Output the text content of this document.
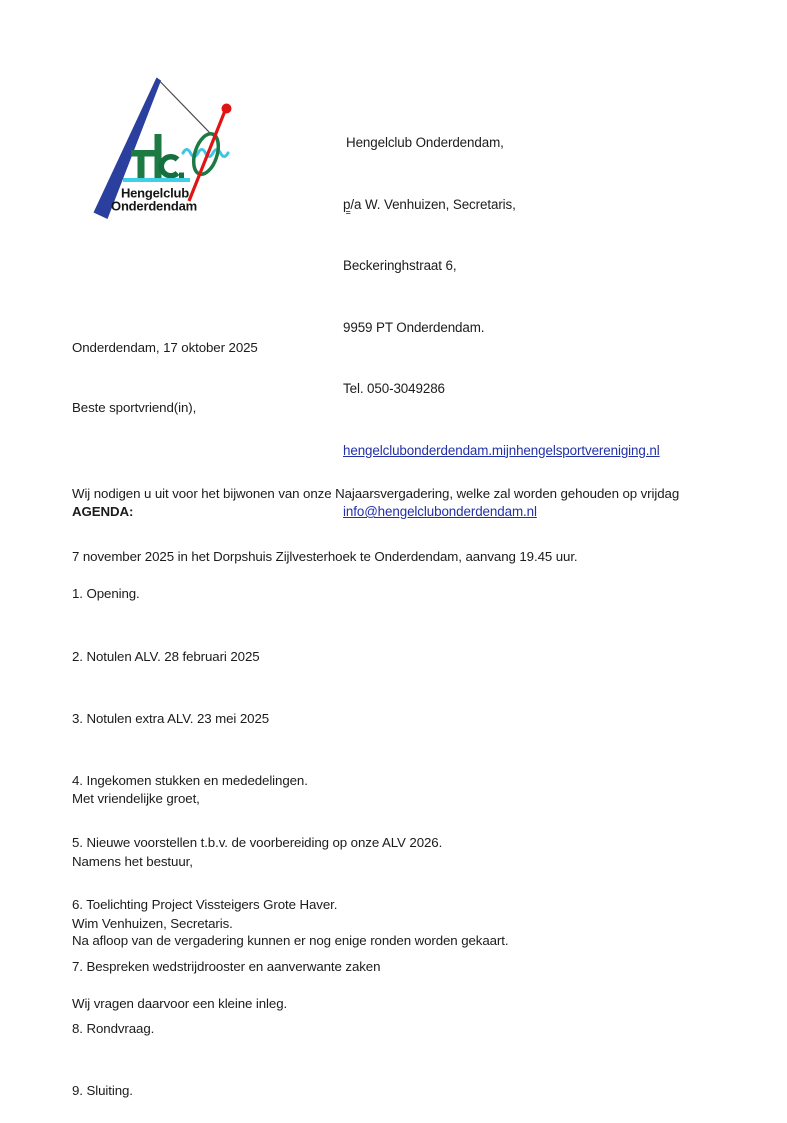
Hengelclub
Onderdendam

Hengelclub Onderdendam,

p/a W. Venhuizen, Secretaris,

Beckeringhstraat 6,

9959 PT Onderdendam.

Tel. 050-3049286

hengelclubonderdendam.mijnhengelsportvereniging.nl

info@hengelclubonderdendam.nl

Onderdendam, 17 oktober 2025
Beste sportvriend(in),

Wij nodigen u uit voor het bijwonen van onze Najaarsvergadering, welke zal worden gehouden op vrijdag

7 november 2025 in het Dorpshuis Zijlvesterhoek te Onderdendam, aanvang 19.45 uur.

AGENDA:

1. Opening.

2. Notulen ALV. 28 februari 2025

3. Notulen extra ALV. 23 mei 2025

4. Ingekomen stukken en mededelingen.

5. Nieuwe voorstellen t.b.v. de voorbereiding op onze ALV 2026.

6. Toelichting Project Vissteigers Grote Haver.

7. Bespreken wedstrijdrooster en aanverwante zaken

8. Rondvraag.

9. Sluiting.

Met vriendelijke groet,

Namens het bestuur,

Wim Venhuizen, Secretaris.

Na afloop van de vergadering kunnen er nog enige ronden worden gekaart.

Wij vragen daarvoor een kleine inleg.
